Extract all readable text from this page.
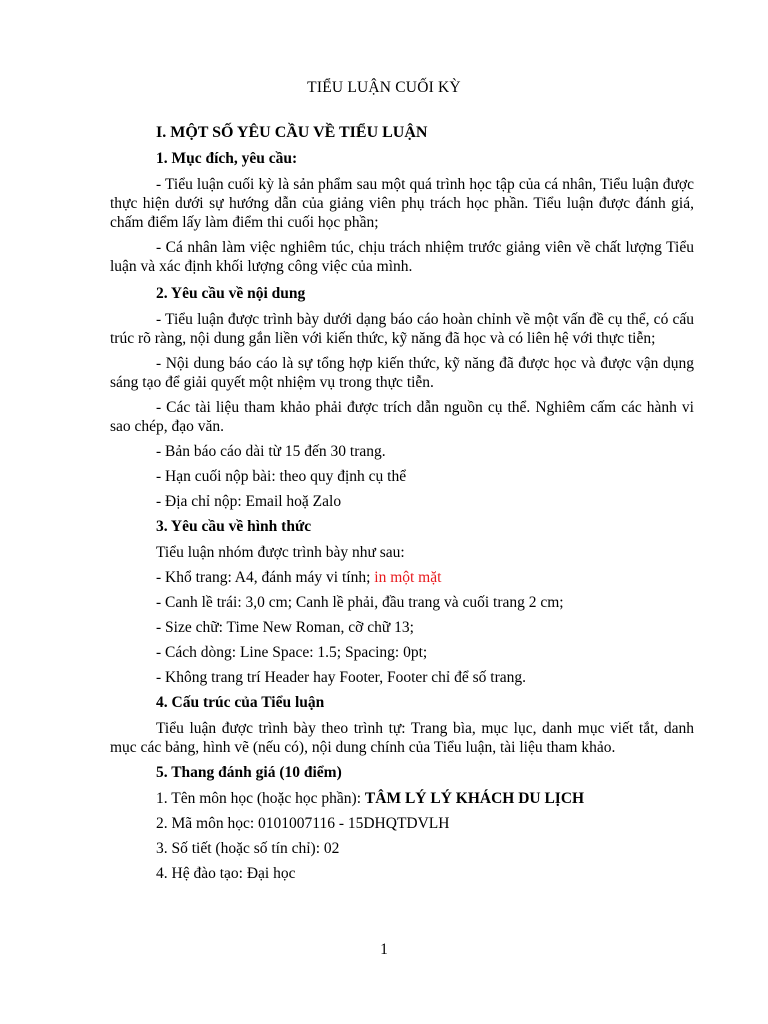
TIỂU LUẬN CUỐI KỲ

I. MỘT SỐ YÊU CẦU VỀ TIỂU LUẬN

1. Mục đích, yêu cầu:

- Tiểu luận cuối kỳ là sản phẩm sau một quá trình học tập của cá nhân, Tiểu luận được thực hiện dưới sự hướng dẫn của giảng viên phụ trách học phần. Tiểu luận được đánh giá, chấm điểm lấy làm điểm thi cuối học phần;

- Cá nhân làm việc nghiêm túc, chịu trách nhiệm trước giảng viên về chất lượng Tiểu luận và xác định khối lượng công việc của mình.

2. Yêu cầu về nội dung

- Tiểu luận được trình bày dưới dạng báo cáo hoàn chỉnh về một vấn đề cụ thể, có cấu trúc rõ ràng, nội dung gắn liền với kiến thức, kỹ năng đã học và có liên hệ với thực tiễn;

- Nội dung báo cáo là sự tổng hợp kiến thức, kỹ năng đã được học và được vận dụng sáng tạo để giải quyết một nhiệm vụ trong thực tiễn.

- Các tài liệu tham khảo phải được trích dẫn nguồn cụ thể. Nghiêm cấm các hành vi sao chép, đạo văn.

- Bản báo cáo dài từ 15 đến 30 trang.

- Hạn cuối nộp bài: theo quy định cụ thể

- Địa chỉ nộp: Email hoặ Zalo

3. Yêu cầu về hình thức

Tiểu luận nhóm được trình bày như sau:

- Khổ trang: A4, đánh máy vi tính; in một mặt

- Canh lề trái: 3,0 cm; Canh lề phải, đầu trang và cuối trang 2 cm;

- Size chữ: Time New Roman, cỡ chữ 13;

- Cách dòng: Line Space: 1.5; Spacing: 0pt;

- Không trang trí Header hay Footer, Footer chỉ để số trang.

4. Cấu trúc của Tiểu luận

Tiểu luận được trình bày theo trình tự: Trang bìa, mục lục, danh mục viết tắt, danh mục các bảng, hình vẽ (nếu có), nội dung chính của Tiểu luận, tài liệu tham khảo.

5. Thang đánh giá (10 điểm)

1. Tên môn học (hoặc học phần): TÂM LÝ LÝ KHÁCH DU LỊCH

2. Mã môn học: 0101007116 - 15DHQTDVLH

3. Số tiết (hoặc số tín chỉ): 02

4. Hệ đào tạo: Đại học

1
